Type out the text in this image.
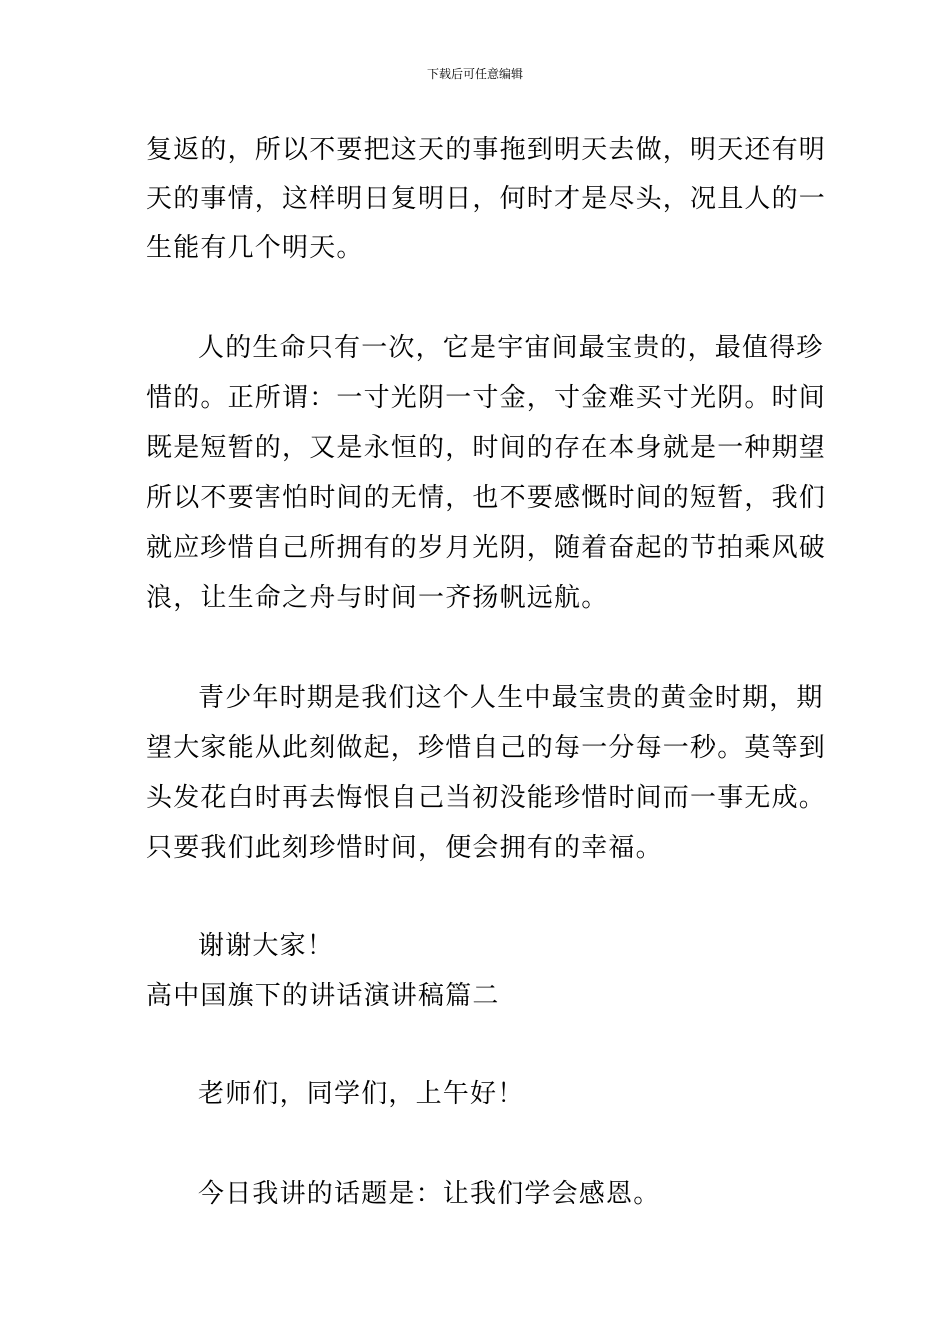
下载后可任意编辑
复返的，所以不要把这天的事拖到明天去做，明天还有明
天的事情，这样明日复明日，何时才是尽头，况且人的一
生能有几个明天。
人的生命只有一次，它是宇宙间最宝贵的，最值得珍
惜的。正所谓：一寸光阴一寸金，寸金难买寸光阴。时间
既是短暂的，又是永恒的，时间的存在本身就是一种期望
所以不要害怕时间的无情，也不要感慨时间的短暂，我们
就应珍惜自己所拥有的岁月光阴，随着奋起的节拍乘风破
浪，让生命之舟与时间一齐扬帆远航。
青少年时期是我们这个人生中最宝贵的黄金时期，期
望大家能从此刻做起，珍惜自己的每一分每一秒。莫等到
头发花白时再去悔恨自己当初没能珍惜时间而一事无成。
只要我们此刻珍惜时间，便会拥有的幸福。
谢谢大家！
高中国旗下的讲话演讲稿篇二
老师们，同学们，上午好！
今日我讲的话题是：让我们学会感恩。
